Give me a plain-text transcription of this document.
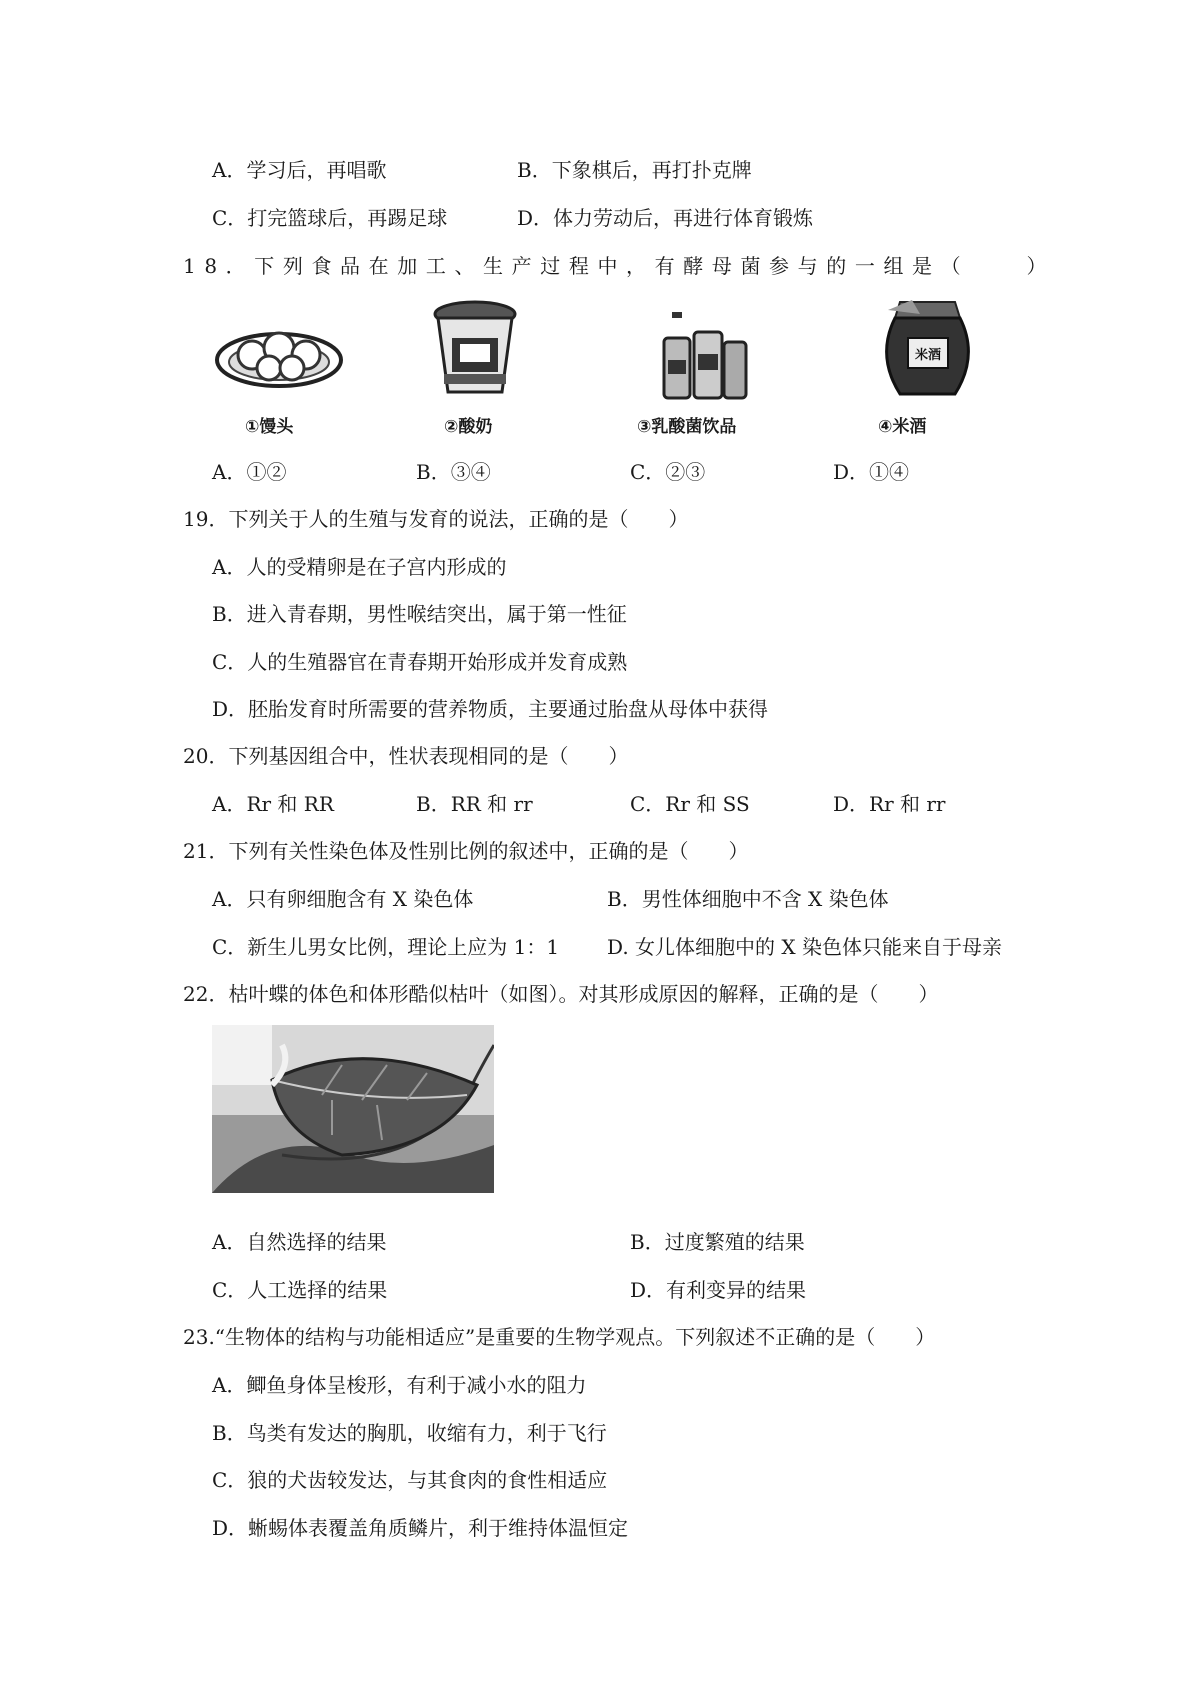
A．学习后，再唱歌	B．下象棋后，再打扑克牌
C．打完篮球后，再踢足球	D．体力劳动后，再进行体育锻炼
18．下列食品在加工、生产过程中，有酵母菌参与的一组是（　　）
①馒头	②酸奶	③乳酸菌饮品
米酒
④米酒
A．①②	B．③④	C．②③	D．①④
19．下列关于人的生殖与发育的说法，正确的是（　　）
A．人的受精卵是在子宫内形成的
B．进入青春期，男性喉结突出，属于第一性征
C．人的生殖器官在青春期开始形成并发育成熟
D．胚胎发育时所需要的营养物质，主要通过胎盘从母体中获得
20．下列基因组合中，性状表现相同的是（　　）
A．Rr 和 RR	B．RR 和 rr	C．Rr 和 SS	D．Rr 和 rr
21．下列有关性染色体及性别比例的叙述中，正确的是（　　）
A．只有卵细胞含有 X 染色体	B．男性体细胞中不含 X 染色体
C．新生儿男女比例，理论上应为 1：1 D. 女儿体细胞中的 X 染色体只能来自于母亲
22．枯叶蝶的体色和体形酷似枯叶（如图）。对其形成原因的解释，正确的是（　　）
A．自然选择的结果	B．过度繁殖的结果
C．人工选择的结果	D．有利变异的结果
23.“生物体的结构与功能相适应”是重要的生物学观点。下列叙述不正确的是（　　）
A．鲫鱼身体呈梭形，有利于减小水的阻力
B．鸟类有发达的胸肌，收缩有力，利于飞行
C．狼的犬齿较发达，与其食肉的食性相适应
D．蜥蜴体表覆盖角质鳞片，利于维持体温恒定
